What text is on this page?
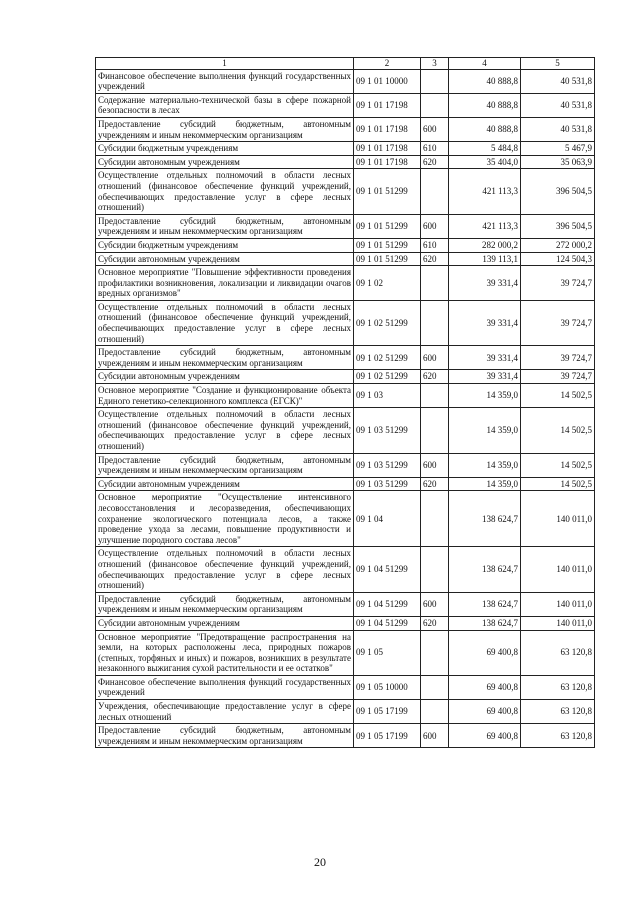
1	2	3	4	5
Финансовое обеспечение выполнения функций государственных учреждений	09 1 01 10000		40 888,8	40 531,8
Содержание материально-технической базы в сфере пожарной безопасности в лесах	09 1 01 17198		40 888,8	40 531,8
Предоставление субсидий бюджетным, автономным учреждениям и иным некоммерческим организациям	09 1 01 17198	600	40 888,8	40 531,8
Субсидии бюджетным учреждениям	09 1 01 17198	610	5 484,8	5 467,9
Субсидии автономным учреждениям	09 1 01 17198	620	35 404,0	35 063,9
Осуществление отдельных полномочий в области лесных отношений (финансовое обеспечение функций учреждений, обеспечивающих предоставление услуг в сфере лесных отношений)	09 1 01 51299		421 113,3	396 504,5
Предоставление субсидий бюджетным, автономным учреждениям и иным некоммерческим организациям	09 1 01 51299	600	421 113,3	396 504,5
Субсидии бюджетным учреждениям	09 1 01 51299	610	282 000,2	272 000,2
Субсидии автономным учреждениям	09 1 01 51299	620	139 113,1	124 504,3
Основное мероприятие "Повышение эффективности проведения профилактики возникновения, локализации и ликвидации очагов вредных организмов"	09 1 02		39 331,4	39 724,7
Осуществление отдельных полномочий в области лесных отношений (финансовое обеспечение функций учреждений, обеспечивающих предоставление услуг в сфере лесных отношений)	09 1 02 51299		39 331,4	39 724,7
Предоставление субсидий бюджетным, автономным учреждениям и иным некоммерческим организациям	09 1 02 51299	600	39 331,4	39 724,7
Субсидии автономным учреждениям	09 1 02 51299	620	39 331,4	39 724,7
Основное мероприятие "Создание и функционирование объекта Единого генетико-селекционного комплекса (ЕГСК)"	09 1 03		14 359,0	14 502,5
Осуществление отдельных полномочий в области лесных отношений (финансовое обеспечение функций учреждений, обеспечивающих предоставление услуг в сфере лесных отношений)	09 1 03 51299		14 359,0	14 502,5
Предоставление субсидий бюджетным, автономным учреждениям и иным некоммерческим организациям	09 1 03 51299	600	14 359,0	14 502,5
Субсидии автономным учреждениям	09 1 03 51299	620	14 359,0	14 502,5
Основное мероприятие "Осуществление интенсивного лесовосстановления и лесоразведения, обеспечивающих сохранение экологического потенциала лесов, а также проведение ухода за лесами, повышение продуктивности и улучшение породного состава лесов"	09 1 04		138 624,7	140 011,0
Осуществление отдельных полномочий в области лесных отношений (финансовое обеспечение функций учреждений, обеспечивающих предоставление услуг в сфере лесных отношений)	09 1 04 51299		138 624,7	140 011,0
Предоставление субсидий бюджетным, автономным учреждениям и иным некоммерческим организациям	09 1 04 51299	600	138 624,7	140 011,0
Субсидии автономным учреждениям	09 1 04 51299	620	138 624,7	140 011,0
Основное мероприятие "Предотвращение распространения на земли, на которых расположены леса, природных пожаров (степных, торфяных и иных) и пожаров, возникших в результате незаконного выжигания сухой растительности и ее остатков"	09 1 05		69 400,8	63 120,8
Финансовое обеспечение выполнения функций государственных учреждений	09 1 05 10000		69 400,8	63 120,8
Учреждения, обеспечивающие предоставление услуг в сфере лесных отношений	09 1 05 17199		69 400,8	63 120,8
Предоставление субсидий бюджетным, автономным учреждениям и иным некоммерческим организациям	09 1 05 17199	600	69 400,8	63 120,8
20
